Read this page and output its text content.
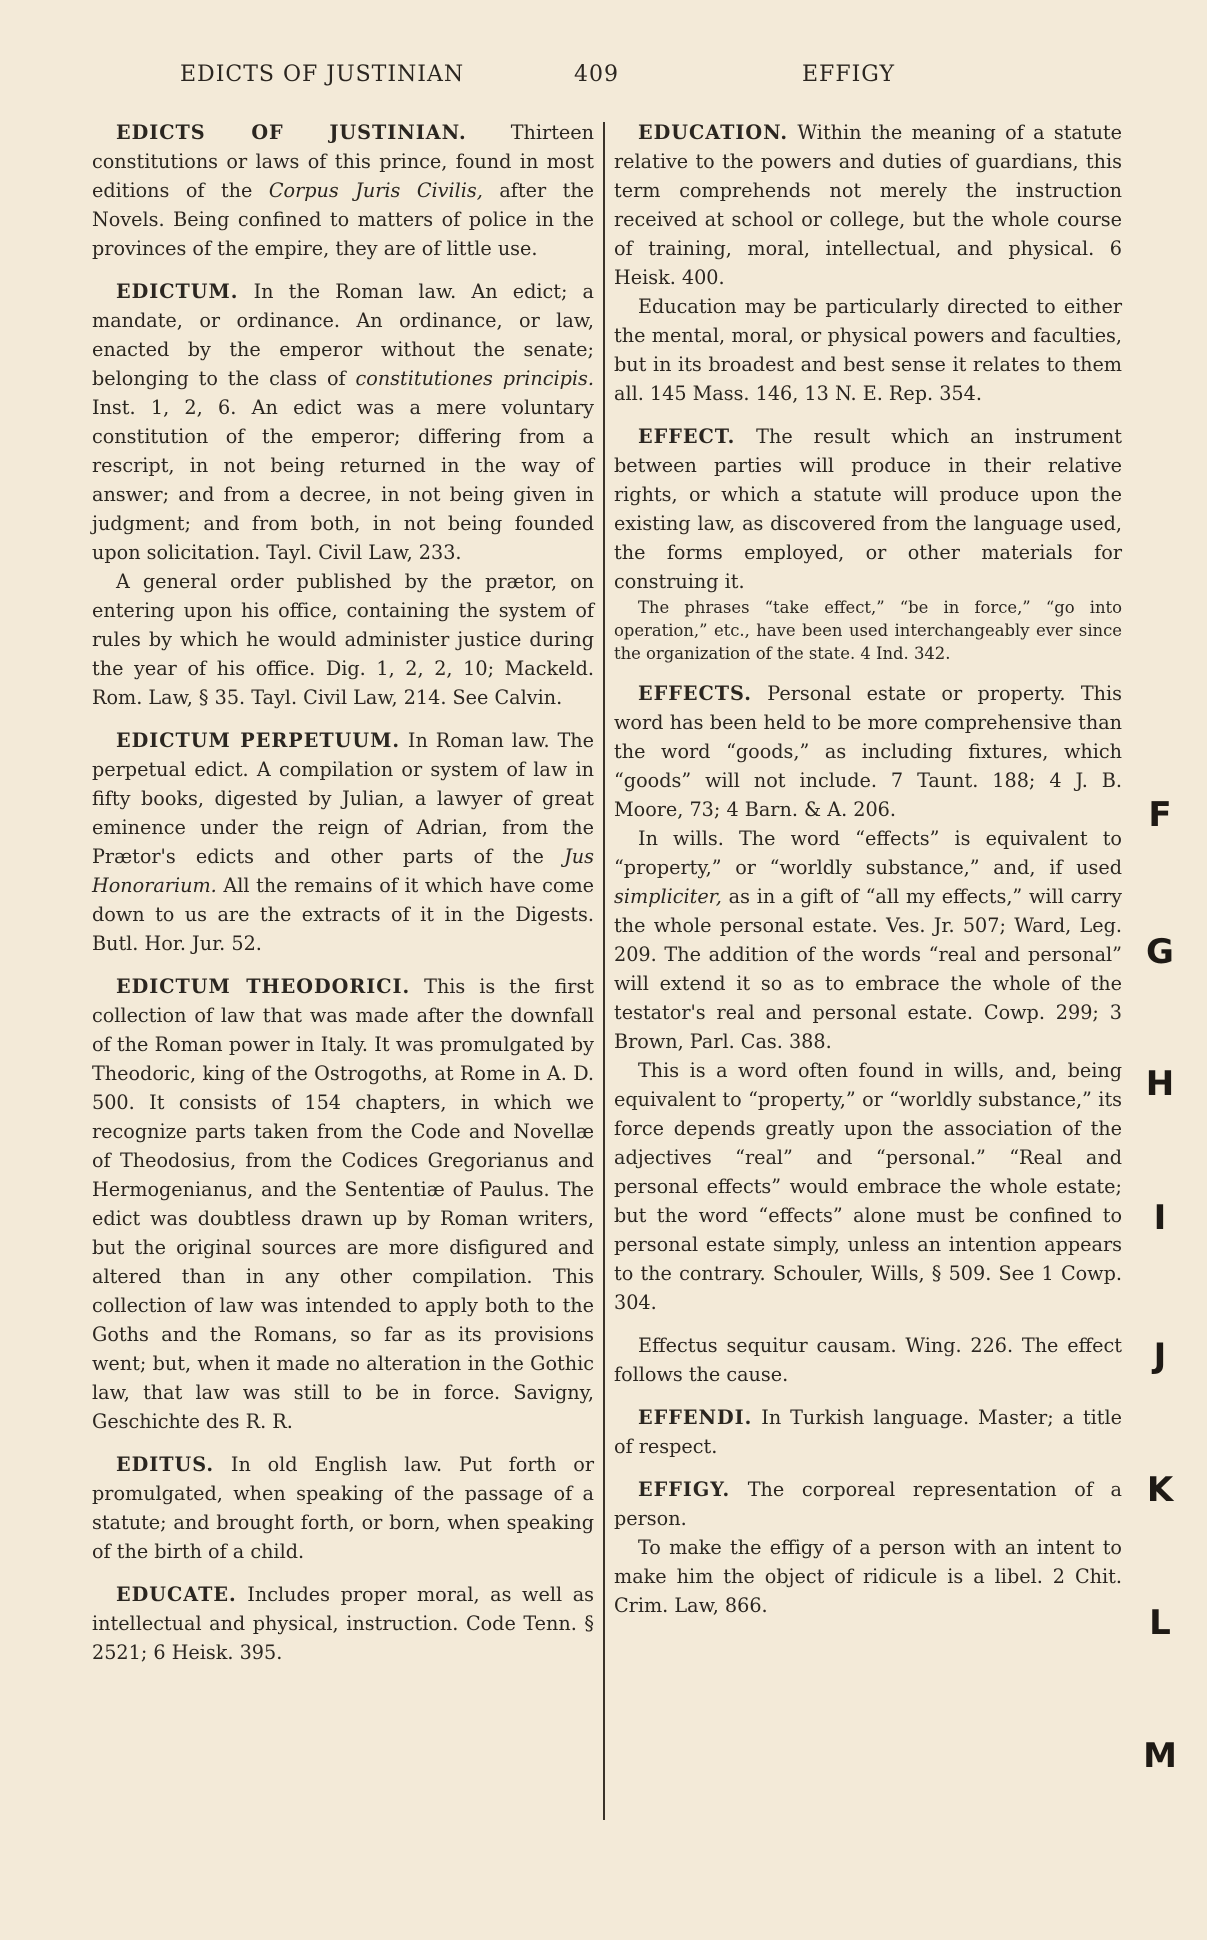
EDICTS OF JUSTINIAN	409	EFFIGY

EDICTS OF JUSTINIAN. Thirteen constitutions or laws of this prince, found in most editions of the Corpus Juris Civilis, after the Novels. Being confined to matters of police in the provinces of the empire, they are of little use.

EDICTUM. In the Roman law. An edict; a mandate, or ordinance. An ordinance, or law, enacted by the emperor without the senate; belonging to the class of constitutiones principis. Inst. 1, 2, 6. An edict was a mere voluntary constitution of the emperor; differing from a rescript, in not being returned in the way of answer; and from a decree, in not being given in judgment; and from both, in not being founded upon solicitation. Tayl. Civil Law, 233.

A general order published by the prætor, on entering upon his office, containing the system of rules by which he would administer justice during the year of his office. Dig. 1, 2, 2, 10; Mackeld. Rom. Law, § 35. Tayl. Civil Law, 214. See Calvin.

EDICTUM PERPETUUM. In Roman law. The perpetual edict. A compilation or system of law in fifty books, digested by Julian, a lawyer of great eminence under the reign of Adrian, from the Prætor's edicts and other parts of the Jus Honorarium. All the remains of it which have come down to us are the extracts of it in the Digests. Butl. Hor. Jur. 52.

EDICTUM THEODORICI. This is the first collection of law that was made after the downfall of the Roman power in Italy. It was promulgated by Theodoric, king of the Ostrogoths, at Rome in A. D. 500. It consists of 154 chapters, in which we recognize parts taken from the Code and Novellæ of Theodosius, from the Codices Gregorianus and Hermogenianus, and the Sententiæ of Paulus. The edict was doubtless drawn up by Roman writers, but the original sources are more disfigured and altered than in any other compilation. This collection of law was intended to apply both to the Goths and the Romans, so far as its provisions went; but, when it made no alteration in the Gothic law, that law was still to be in force. Savigny, Geschichte des R. R.

EDITUS. In old English law. Put forth or promulgated, when speaking of the passage of a statute; and brought forth, or born, when speaking of the birth of a child.

EDUCATE. Includes proper moral, as well as intellectual and physical, instruction. Code Tenn. § 2521; 6 Heisk. 395.

EDUCATION. Within the meaning of a statute relative to the powers and duties of guardians, this term comprehends not merely the instruction received at school or college, but the whole course of training, moral, intellectual, and physical. 6 Heisk. 400.

Education may be particularly directed to either the mental, moral, or physical powers and faculties, but in its broadest and best sense it relates to them all. 145 Mass. 146, 13 N. E. Rep. 354.

EFFECT. The result which an instrument between parties will produce in their relative rights, or which a statute will produce upon the existing law, as discovered from the language used, the forms employed, or other materials for construing it.

The phrases “take effect,” “be in force,” “go into operation,” etc., have been used interchangeably ever since the organization of the state. 4 Ind. 342.

EFFECTS. Personal estate or property. This word has been held to be more comprehensive than the word “goods,” as including fixtures, which “goods” will not include. 7 Taunt. 188; 4 J. B. Moore, 73; 4 Barn. & A. 206.

In wills. The word “effects” is equivalent to “property,” or “worldly substance,” and, if used simpliciter, as in a gift of “all my effects,” will carry the whole personal estate. Ves. Jr. 507; Ward, Leg. 209. The addition of the words “real and personal” will extend it so as to embrace the whole of the testator's real and personal estate. Cowp. 299; 3 Brown, Parl. Cas. 388.

This is a word often found in wills, and, being equivalent to “property,” or “worldly substance,” its force depends greatly upon the association of the adjectives “real” and “personal.” “Real and personal effects” would embrace the whole estate; but the word “effects” alone must be confined to personal estate simply, unless an intention appears to the contrary. Schouler, Wills, § 509. See 1 Cowp. 304.

Effectus sequitur causam. Wing. 226. The effect follows the cause.

EFFENDI. In Turkish language. Master; a title of respect.

EFFIGY. The corporeal representation of a person.

To make the effigy of a person with an intent to make him the object of ridicule is a libel. 2 Chit. Crim. Law, 866.

F
G
H
I
J
K
L
M
